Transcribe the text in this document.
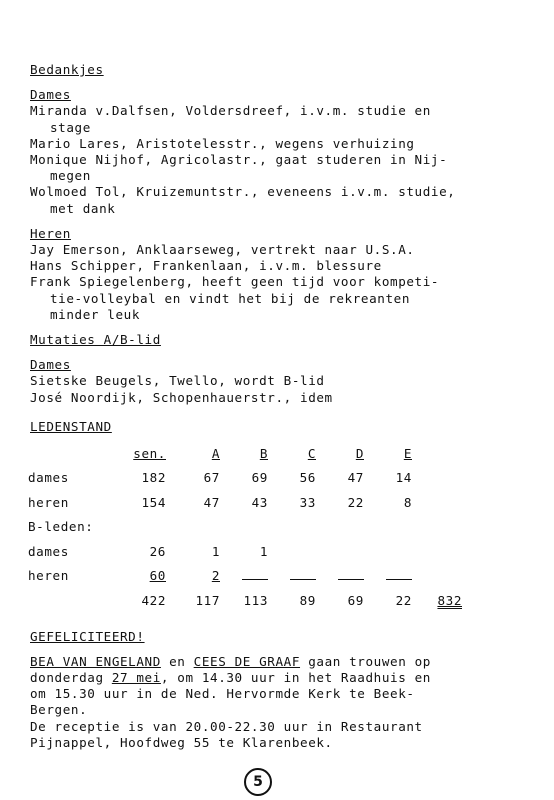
Bedankjes
Dames
Miranda v.Dalfsen, Voldersdreef, i.v.m. studie en
stage
Mario Lares, Aristotelesstr., wegens verhuizing
Monique Nijhof, Agricolastr., gaat studeren in Nij-
megen
Wolmoed Tol, Kruizemuntstr., eveneens i.v.m. studie,
met dank
Heren
Jay Emerson, Anklaarseweg, vertrekt naar U.S.A.
Hans Schipper, Frankenlaan, i.v.m. blessure
Frank Spiegelenberg, heeft geen tijd voor kompeti-
tie-volleybal en vindt het bij de rekreanten
minder leuk
Mutaties A/B-lid
Dames
Sietske Beugels, Twello, wordt B-lid
José Noordijk, Schopenhauerstr., idem
LEDENSTAND
	sen.	A	B	C	D	E	
dames	182	67	69	56	47	14	
heren	154	47	43	33	22	8	
B-leden:							
dames	26	1	1				
heren	60	2					
	422	117	113	89	69	22	832
GEFELICITEERD!
BEA VAN ENGELAND en CEES DE GRAAF gaan trouwen op
donderdag 27 mei, om 14.30 uur in het Raadhuis en
om 15.30 uur in de Ned. Hervormde Kerk te Beek-
Bergen.
De receptie is van 20.00-22.30 uur in Restaurant
Pijnappel, Hoofdweg 55 te Klarenbeek.
5
